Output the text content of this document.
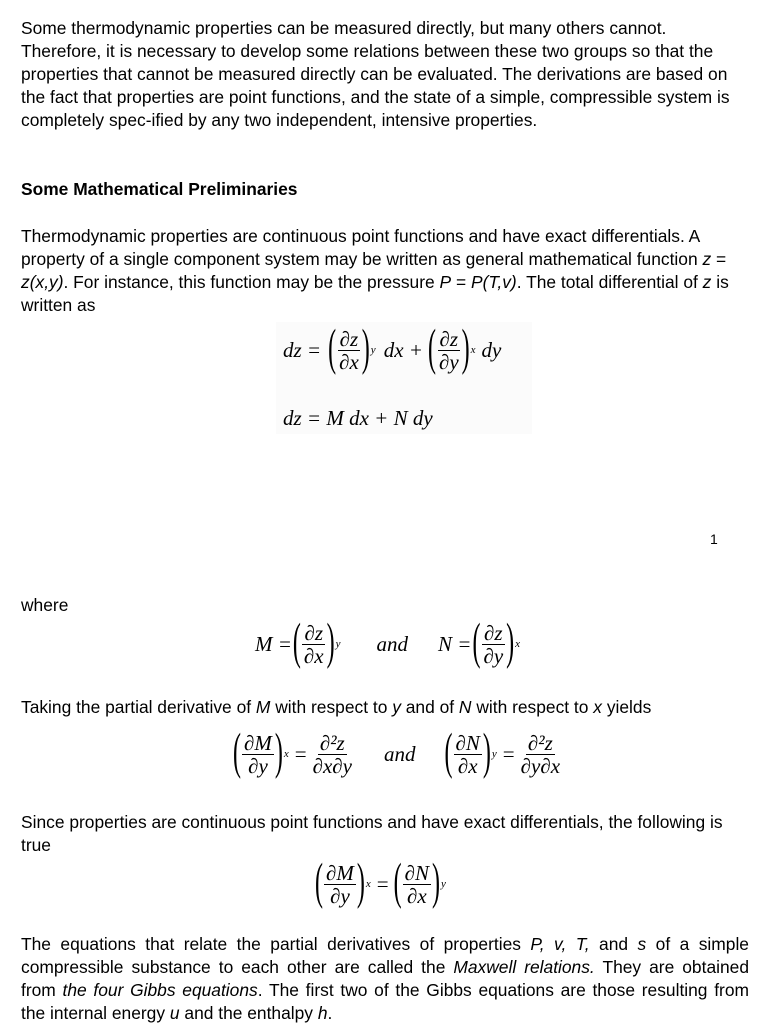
Some thermodynamic properties can be measured directly, but many others cannot. Therefore, it is necessary to develop some relations between these two groups so that the properties that cannot be measured directly can be evaluated. The derivations are based on the fact that properties are point functions, and the state of a simple, compressible system is completely spec-ified by any two independent, intensive properties.

Some Mathematical Preliminaries

Thermodynamic properties are continuous point functions and have exact differentials. A property of a single component system may be written as general mathematical function z = z(x,y). For instance, this function may be the pressure P = P(T,v). The total differential of z is written as

dz = ( $\frac{\partial z}{\partial x}$ ) y dx + ( $\frac{\partial z}{\partial y}$ ) x dy
dz = M dx + N dy
1

where

M = ( $\frac{\partial z}{\partial x}$ ) y and N = ( $\frac{\partial z}{\partial y}$ ) x

Taking the partial derivative of M with respect to y and of N with respect to x yields

( $\frac{\partial M}{\partial y}$ ) $x = \frac{\text{∂²z}}{\partial x\partial y}$ and ( $\frac{\partial N}{\partial x}$ ) $y = \frac{\text{∂²z}}{\partial y\partial x}$

Since properties are continuous point functions and have exact differentials, the following is true

( $\frac{\partial M}{\partial y}$ ) x = ( $\frac{\partial N}{\partial x}$ ) y

The equations that relate the partial derivatives of properties P, v, T, and s of a simple compressible substance to each other are called the Maxwell relations. They are obtained from the four Gibbs equations. The first two of the Gibbs equations are those resulting from the internal energy u and the enthalpy h.
